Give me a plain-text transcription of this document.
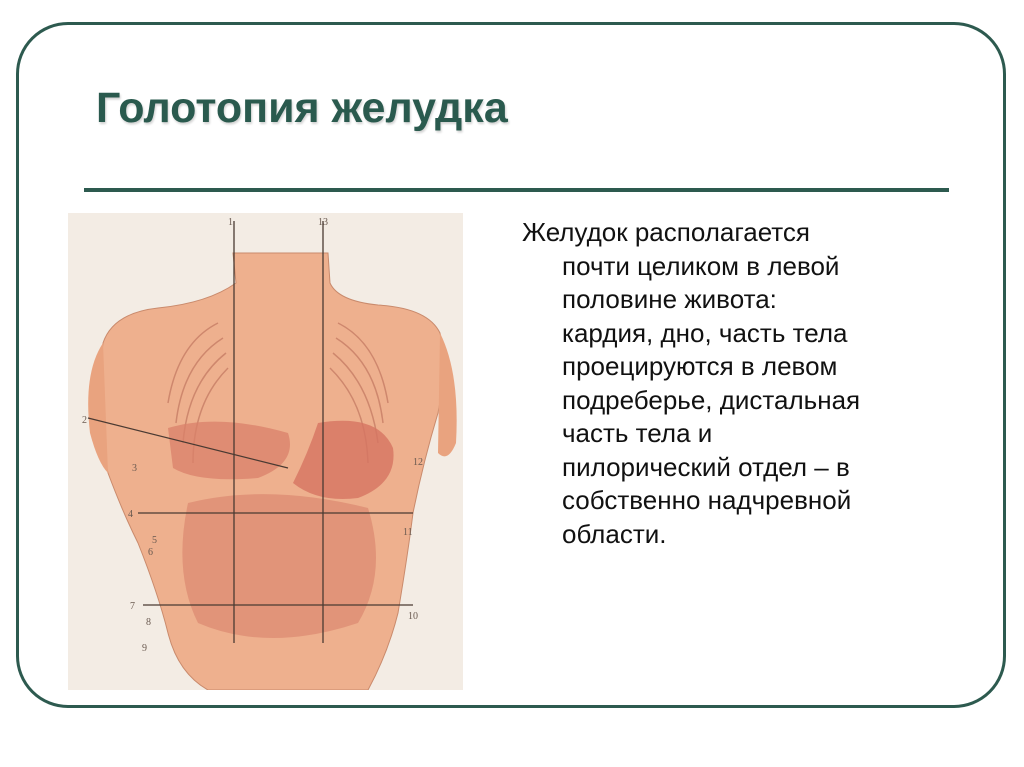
Голотопия желудка
1
2
3
4
5
6
7
8
9
10
11
12
13	Желудок располагается
почти целиком в левой
половине живота:
кардия, дно, часть тела
проецируются в левом
подреберье, дистальная
часть тела и
пилорический отдел – в
собственно надчревной
области.
